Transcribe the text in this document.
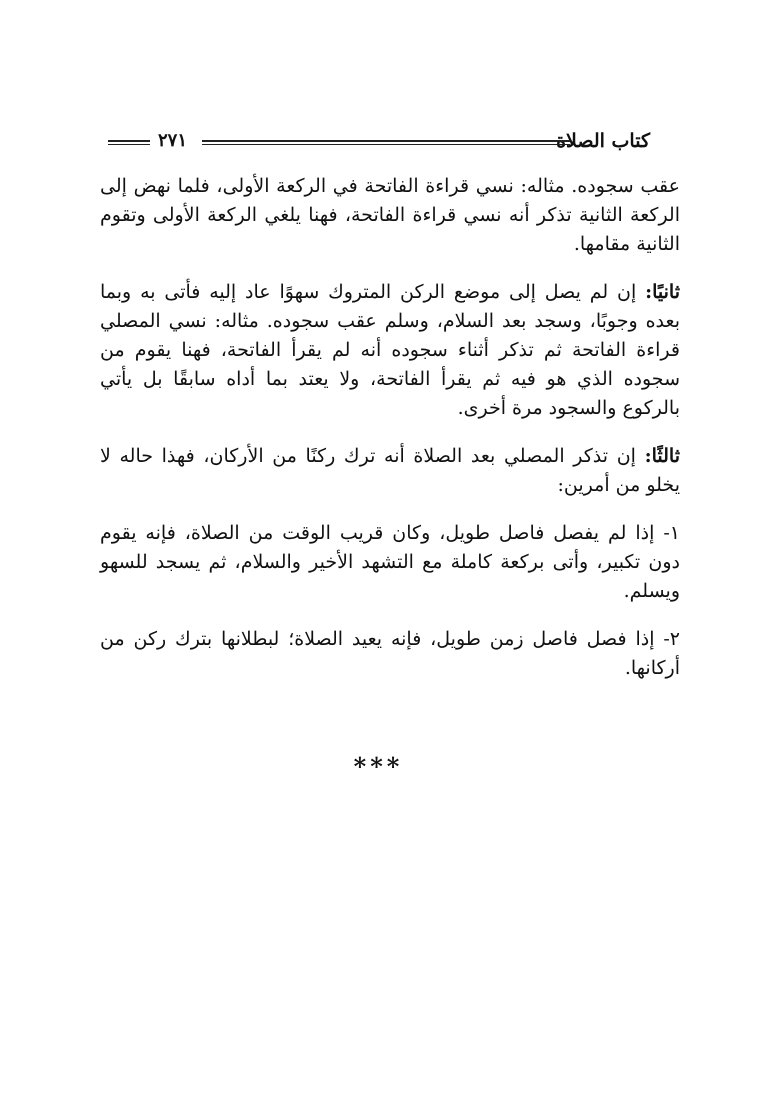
كتاب الصلاة
٢٧١

عقب سجوده. مثاله: نسي قراءة الفاتحة في الركعة الأولى، فلما نهض إلى الركعة الثانية تذكر أنه نسي قراءة الفاتحة، فهنا يلغي الركعة الأولى وتقوم الثانية مقامها.

ثانيًا: إن لم يصل إلى موضع الركن المتروك سهوًا عاد إليه فأتى به وبما بعده وجوبًا، وسجد بعد السلام، وسلم عقب سجوده. مثاله: نسي المصلي قراءة الفاتحة ثم تذكر أثناء سجوده أنه لم يقرأ الفاتحة، فهنا يقوم من سجوده الذي هو فيه ثم يقرأ الفاتحة، ولا يعتد بما أداه سابقًا بل يأتي بالركوع والسجود مرة أخرى.

ثالثًا: إن تذكر المصلي بعد الصلاة أنه ترك ركنًا من الأركان، فهذا حاله لا يخلو من أمرين:

١- إذا لم يفصل فاصل طويل، وكان قريب الوقت من الصلاة، فإنه يقوم دون تكبير، وأتى بركعة كاملة مع التشهد الأخير والسلام، ثم يسجد للسهو ويسلم.

٢- إذا فصل فاصل زمن طويل، فإنه يعيد الصلاة؛ لبطلانها بترك ركن من أركانها.

***
